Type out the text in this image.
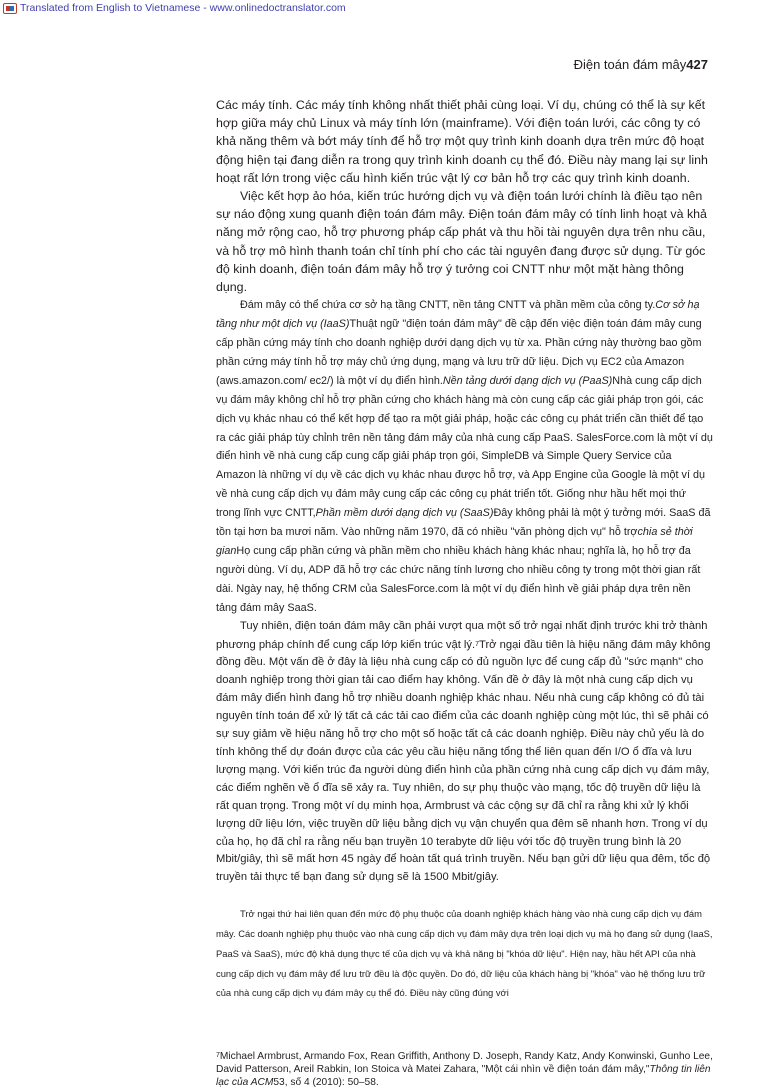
Translated from English to Vietnamese - www.onlinedoctranslator.com
Điện toán đám mây427

Các máy tính. Các máy tính không nhất thiết phải cùng loại. Ví dụ, chúng có thể là sự kết hợp giữa máy chủ Linux và máy tính lớn (mainframe). Với điện toán lưới, các công ty có khả năng thêm và bớt máy tính để hỗ trợ một quy trình kinh doanh dựa trên mức độ hoạt động hiện tại đang diễn ra trong quy trình kinh doanh cụ thể đó. Điều này mang lại sự linh hoạt rất lớn trong việc cấu hình kiến trúc vật lý cơ bản hỗ trợ các quy trình kinh doanh.

Việc kết hợp ảo hóa, kiến trúc hướng dịch vụ và điện toán lưới chính là điều tạo nên sự náo động xung quanh điện toán đám mây. Điện toán đám mây có tính linh hoạt và khả năng mở rộng cao, hỗ trợ phương pháp cấp phát và thu hồi tài nguyên dựa trên nhu cầu, và hỗ trợ mô hình thanh toán chỉ tính phí cho các tài nguyên đang được sử dụng. Từ góc độ kinh doanh, điện toán đám mây hỗ trợ ý tưởng coi CNTT như một mặt hàng thông dụng.

Đám mây có thể chứa cơ sở hạ tầng CNTT, nền tảng CNTT và phần mềm của công ty.Cơ sở hạ tầng như một dịch vụ (IaaS)Thuật ngữ "điện toán đám mây" đề cập đến việc điện toán đám mây cung cấp phần cứng máy tính cho doanh nghiệp dưới dạng dịch vụ từ xa. Phần cứng này thường bao gồm phần cứng máy tính hỗ trợ máy chủ ứng dụng, mạng và lưu trữ dữ liệu. Dịch vụ EC2 của Amazon (aws.amazon.com/ ec2/) là một ví dụ điển hình.Nền tảng dưới dạng dịch vụ (PaaS)Nhà cung cấp dịch vụ đám mây không chỉ hỗ trợ phần cứng cho khách hàng mà còn cung cấp các giải pháp trọn gói, các dịch vụ khác nhau có thể kết hợp để tạo ra một giải pháp, hoặc các công cụ phát triển cần thiết để tạo ra các giải pháp tùy chỉnh trên nền tảng đám mây của nhà cung cấp PaaS. SalesForce.com là một ví dụ điển hình về nhà cung cấp cung cấp giải pháp trọn gói, SimpleDB và Simple Query Service của Amazon là những ví dụ về các dịch vụ khác nhau được hỗ trợ, và App Engine của Google là một ví dụ về nhà cung cấp dịch vụ đám mây cung cấp các công cụ phát triển tốt. Giống như hầu hết mọi thứ trong lĩnh vực CNTT,Phần mềm dưới dạng dịch vụ (SaaS)Đây không phải là một ý tưởng mới. SaaS đã tồn tại hơn ba mươi năm. Vào những năm 1970, đã có nhiều "văn phòng dịch vụ" hỗ trợchia sẻ thời gianHọ cung cấp phần cứng và phần mềm cho nhiều khách hàng khác nhau; nghĩa là, họ hỗ trợ đa người dùng. Ví dụ, ADP đã hỗ trợ các chức năng tính lương cho nhiều công ty trong một thời gian rất dài. Ngày nay, hệ thống CRM của SalesForce.com là một ví dụ điển hình về giải pháp dựa trên nền tảng đám mây SaaS.

Tuy nhiên, điện toán đám mây cần phải vượt qua một số trở ngại nhất định trước khi trở thành phương pháp chính để cung cấp lớp kiến trúc vật lý.$^7$Trở ngại đầu tiên là hiệu năng đám mây không đồng đều. Một vấn đề ở đây là liệu nhà cung cấp có đủ nguồn lực để cung cấp đủ "sức mạnh" cho doanh nghiệp trong thời gian tải cao điểm hay không. Vấn đề ở đây là một nhà cung cấp dịch vụ đám mây điển hình đang hỗ trợ nhiều doanh nghiệp khác nhau. Nếu nhà cung cấp không có đủ tài nguyên tính toán để xử lý tất cả các tải cao điểm của các doanh nghiệp cùng một lúc, thì sẽ phải có sự suy giảm về hiệu năng hỗ trợ cho một số hoặc tất cả các doanh nghiệp. Điều này chủ yếu là do tính không thể dự đoán được của các yêu cầu hiệu năng tổng thể liên quan đến I/O ổ đĩa và lưu lượng mạng. Với kiến trúc đa người dùng điển hình của phần cứng nhà cung cấp dịch vụ đám mây, các điểm nghẽn về ổ đĩa sẽ xảy ra. Tuy nhiên, do sự phụ thuộc vào mạng, tốc độ truyền dữ liệu là rất quan trọng. Trong một ví dụ minh họa, Armbrust và các cộng sự đã chỉ ra rằng khi xử lý khối lượng dữ liệu lớn, việc truyền dữ liệu bằng dịch vụ vận chuyển qua đêm sẽ nhanh hơn. Trong ví dụ của họ, họ đã chỉ ra rằng nếu bạn truyền 10 terabyte dữ liệu với tốc độ truyền trung bình là 20 Mbit/giây, thì sẽ mất hơn 45 ngày để hoàn tất quá trình truyền. Nếu bạn gửi dữ liệu qua đêm, tốc độ truyền tải thực tế bạn đang sử dụng sẽ là 1500 Mbit/giây.

Trở ngại thứ hai liên quan đến mức độ phụ thuộc của doanh nghiệp khách hàng vào nhà cung cấp dịch vụ đám mây. Các doanh nghiệp phụ thuộc vào nhà cung cấp dịch vụ đám mây dựa trên loại dịch vụ mà họ đang sử dụng (IaaS, PaaS và SaaS), mức độ khả dụng thực tế của dịch vụ và khả năng bị "khóa dữ liệu". Hiện nay, hầu hết API của nhà cung cấp dịch vụ đám mây để lưu trữ đều là độc quyền. Do đó, dữ liệu của khách hàng bị "khóa" vào hệ thống lưu trữ của nhà cung cấp dịch vụ đám mây cụ thể đó. Điều này cũng đúng với

$^7$Michael Armbrust, Armando Fox, Rean Griffith, Anthony D. Joseph, Randy Katz, Andy Konwinski, Gunho Lee, David Patterson, Areil Rabkin, Ion Stoica và Matei Zahara, "Một cái nhìn về điện toán đám mây,"Thông tin liên lạc của ACM53, số 4 (2010): 50–58.
